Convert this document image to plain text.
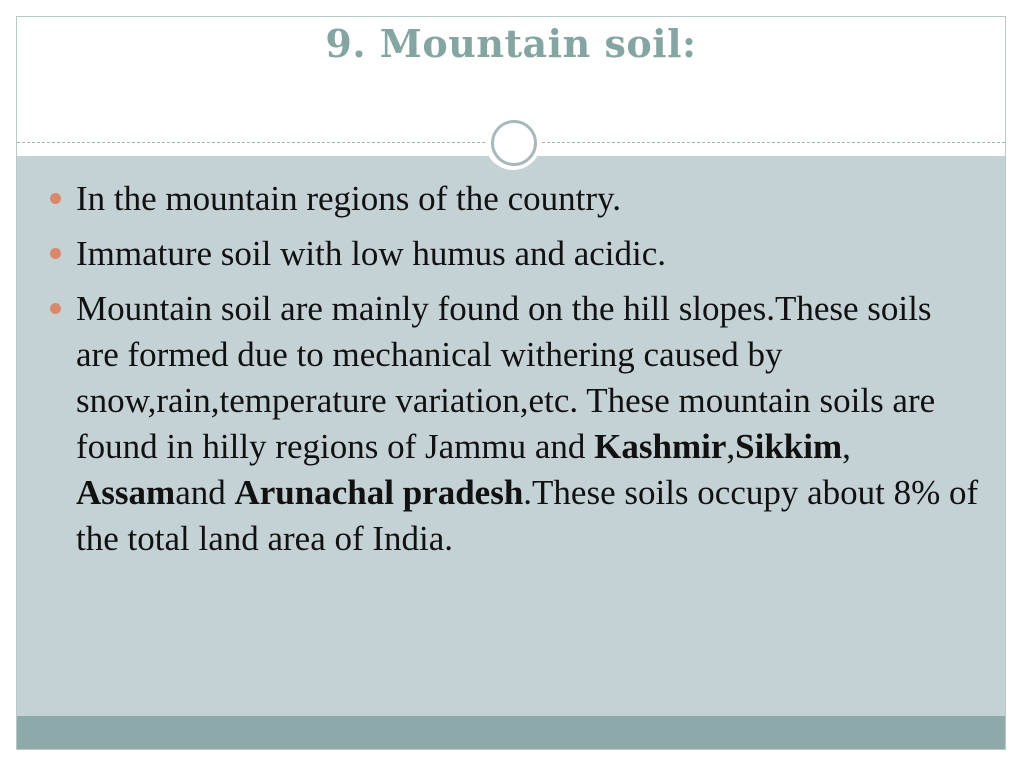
9. Mountain soil:
In the mountain regions of the country.
Immature soil with low humus and acidic.
Mountain soil are mainly found on the hill slopes.These soils are formed due to mechanical withering caused by snow,rain,temperature variation,etc. These mountain soils are found in hilly regions of Jammu and Kashmir,Sikkim, Assamand Arunachal pradesh.These soils occupy about 8% of the total land area of India.
